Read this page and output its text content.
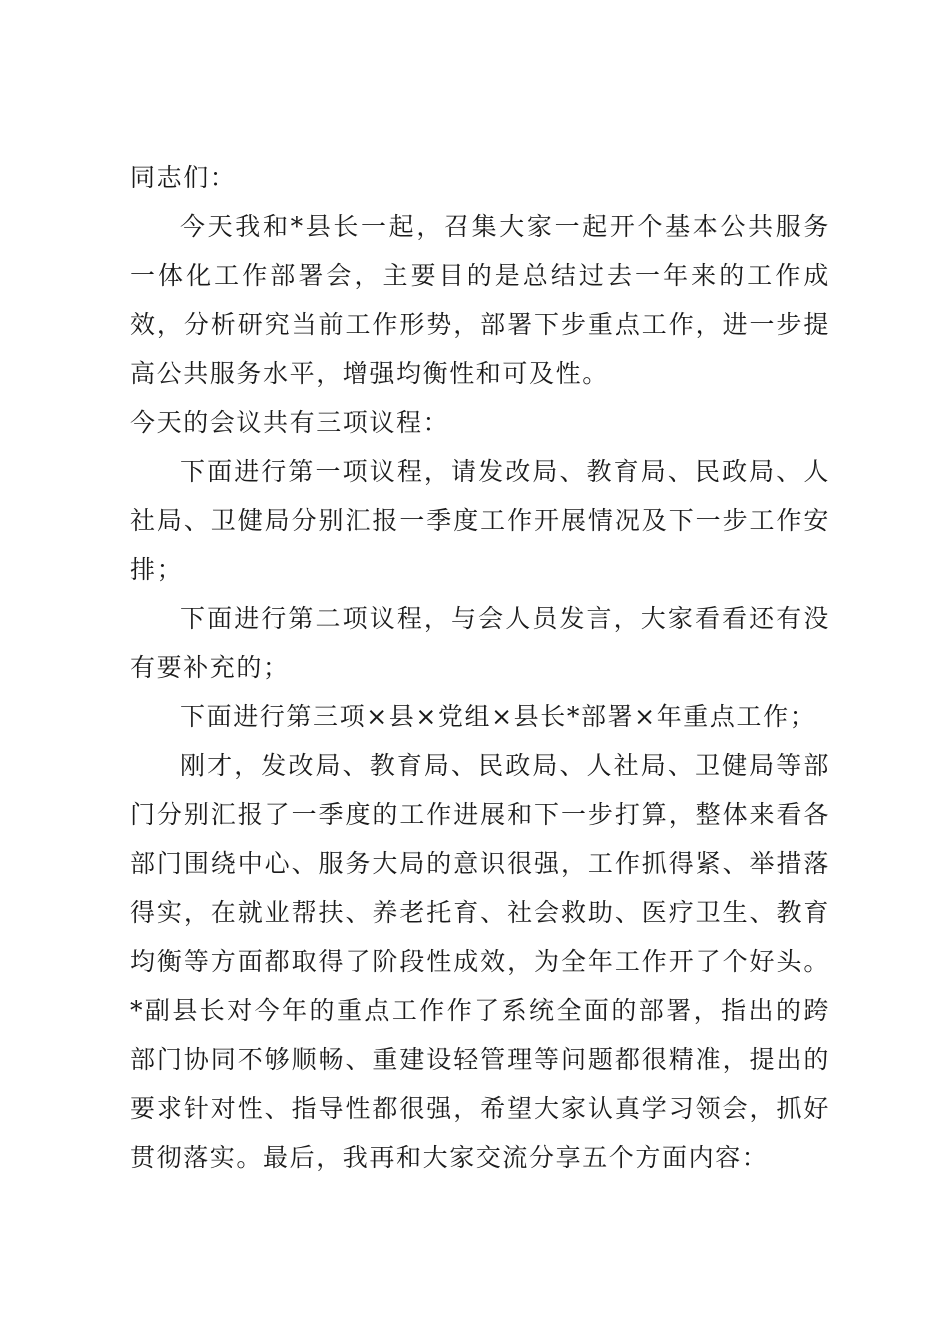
同志们：

今天我和*县长一起，召集大家一起开个基本公共服务一体化工作部署会，主要目的是总结过去一年来的工作成效，分析研究当前工作形势，部署下步重点工作，进一步提高公共服务水平，增强均衡性和可及性。

今天的会议共有三项议程：

下面进行第一项议程，请发改局、教育局、民政局、人社局、卫健局分别汇报一季度工作开展情况及下一步工作安排；

下面进行第二项议程，与会人员发言，大家看看还有没有要补充的；

下面进行第三项×县×党组×县长*部署×年重点工作；

刚才，发改局、教育局、民政局、人社局、卫健局等部门分别汇报了一季度的工作进展和下一步打算，整体来看各部门围绕中心、服务大局的意识很强，工作抓得紧、举措落得实，在就业帮扶、养老托育、社会救助、医疗卫生、教育均衡等方面都取得了阶段性成效，为全年工作开了个好头。*副县长对今年的重点工作作了系统全面的部署，指出的跨部门协同不够顺畅、重建设轻管理等问题都很精准，提出的要求针对性、指导性都很强，希望大家认真学习领会，抓好贯彻落实。最后，我再和大家交流分享五个方面内容：
